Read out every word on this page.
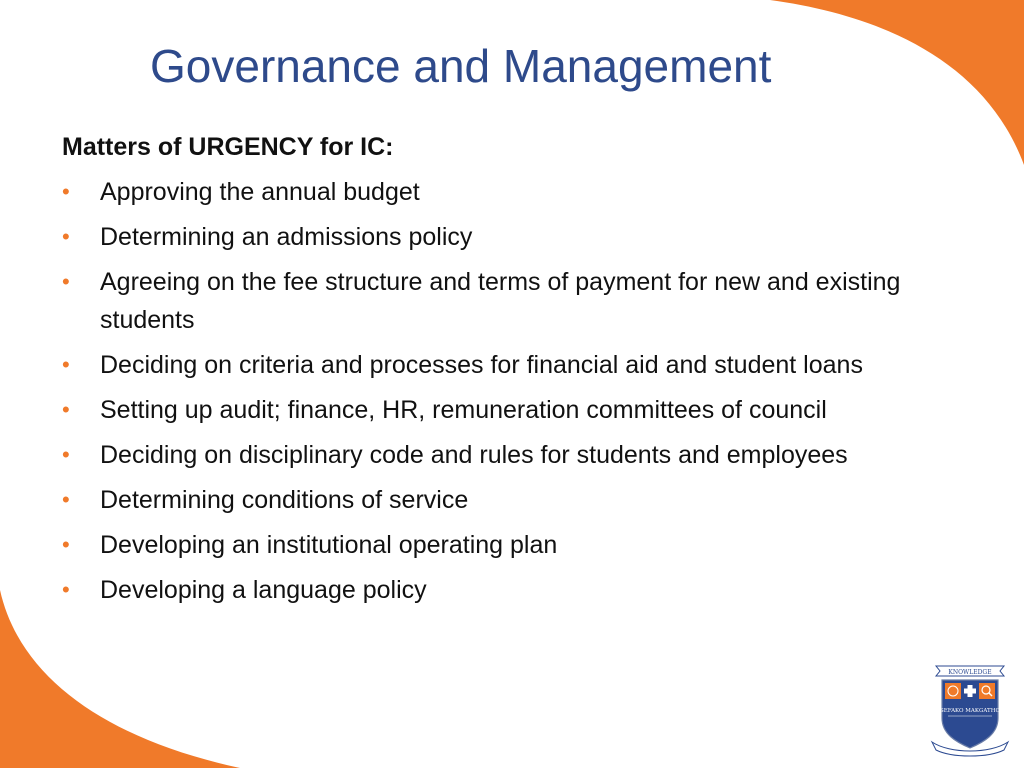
Governance and Management
Matters of URGENCY for IC:
• Approving the annual budget
• Determining an admissions policy
• Agreeing on the fee structure and terms of payment for new and existing students
• Deciding on criteria and processes for financial aid and student loans
• Setting up audit; finance, HR, remuneration committees of council
• Deciding on disciplinary code and rules for students and employees
• Determining conditions of service
• Developing an institutional operating plan
• Developing a language policy
KNOWLEDGE
SEFAKO MAKGATHO
